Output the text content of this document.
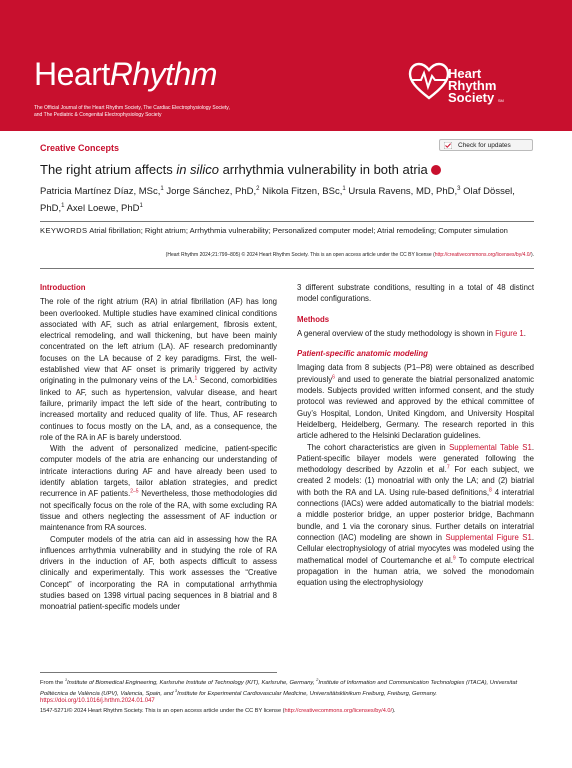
HeartRhythm
The Official Journal of the Heart Rhythm Society, The Cardiac Electrophysiology Society,
and The Pediatric & Congenital Electrophysiology Society
Heart
Rhythm
Society SM
Creative Concepts	Check for updates
The right atrium affects in silico arrhythmia vulnerability in both atria
Patricia Martínez Díaz, MSc,$^1$ Jorge Sánchez, PhD,$^2$ Nikola Fitzen, BSc,$^1$ Ursula Ravens, MD, PhD,$^3$ Olaf Dössel, PhD,$^1$ Axel Loewe, PhD$^1$
KEYWORDS Atrial fibrillation; Right atrium; Arrhythmia vulnerability; Personalized computer model; Atrial remodeling; Computer simulation
(Heart Rhythm 2024;21:799–805) © 2024 Heart Rhythm Society. This is an open access article under the CC BY license (http://creativecommons.org/licenses/by/4.0/).
Introduction

The role of the right atrium (RA) in atrial fibrillation (AF) has long been overlooked. Multiple studies have examined clinical conditions associated with AF, such as atrial enlargement, fibrosis extent, electrical remodeling, and wall thickening, but have been mainly concentrated on the left atrium (LA). AF research predominantly focuses on the LA because of 2 key paradigms. First, the well-established view that AF onset is primarily triggered by activity originating in the pulmonary veins of the LA.$^1$ Second, comorbidities linked to AF, such as hypertension, valvular disease, and heart failure, primarily impact the left side of the heart, contributing to increased mortality and reduced quality of life. Thus, AF research continues to focus mostly on the LA, and, as a consequence, the role of the RA in AF is barely understood.

With the advent of personalized medicine, patient-specific computer models of the atria are enhancing our understanding of intricate interactions during AF and have already been used to identify ablation targets, tailor ablation strategies, and predict recurrence in AF patients.$^{2-5}$ Nevertheless, those methodologies did not specifically focus on the role of the RA, with some excluding RA tissue and others neglecting the assessment of AF induction or maintenance from RA sources.

Computer models of the atria can aid in assessing how the RA influences arrhythmia vulnerability and in studying the role of RA drivers in the induction of AF, both aspects difficult to assess clinically and experimentally. This work assesses the “Creative Concept” of incorporating the RA in computational arrhythmia studies based on 1398 virtual pacing sequences in 8 biatrial and 8 monoatrial patient-specific models under

3 different substrate conditions, resulting in a total of 48 distinct model configurations.

Methods

A general overview of the study methodology is shown in Figure 1.

Patient-specific anatomic modeling

Imaging data from 8 subjects (P1–P8) were obtained as described previously$^6$ and used to generate the biatrial personalized anatomic models. Subjects provided written informed consent, and the study protocol was reviewed and approved by the ethical committee of Guy’s Hospital, London, United Kingdom, and University Hospital Heidelberg, Heidelberg, Germany. The research reported in this article adhered to the Helsinki Declaration guidelines.

The cohort characteristics are given in Supplemental Table S1. Patient-specific bilayer models were generated following the methodology described by Azzolin et al.$^7$ For each subject, we created 2 models: (1) monoatrial with only the LA; and (2) biatrial with both the RA and LA. Using rule-based definitions,$^8$ 4 interatrial connections (IACs) were added automatically to the biatrial models: a middle posterior bridge, an upper posterior bridge, Bachmann bundle, and 1 via the coronary sinus. Further details on interatrial connection (IAC) modeling are shown in Supplemental Figure S1. Cellular electrophysiology of atrial myocytes was modeled using the mathematical model of Courtemanche et al.$^9$ To compute electrical propagation in the human atria, we solved the monodomain equation using the electrophysiology

From the $^1$Institute of Biomedical Engineering, Karlsruhe Institute of Technology (KIT), Karlsruhe, Germany, $^2$Institute of Information and Communication Technologies (ITACA), Universitat Politècnica de València (UPV), Valencia, Spain, and $^3$Institute for Experimental Cardiovascular Medicine, Universitätsklinikum Freiburg, Freiburg, Germany.
https://doi.org/10.1016/j.hrthm.2024.01.047
1547-5271/© 2024 Heart Rhythm Society. This is an open access article under the CC BY license (http://creativecommons.org/licenses/by/4.0/).
